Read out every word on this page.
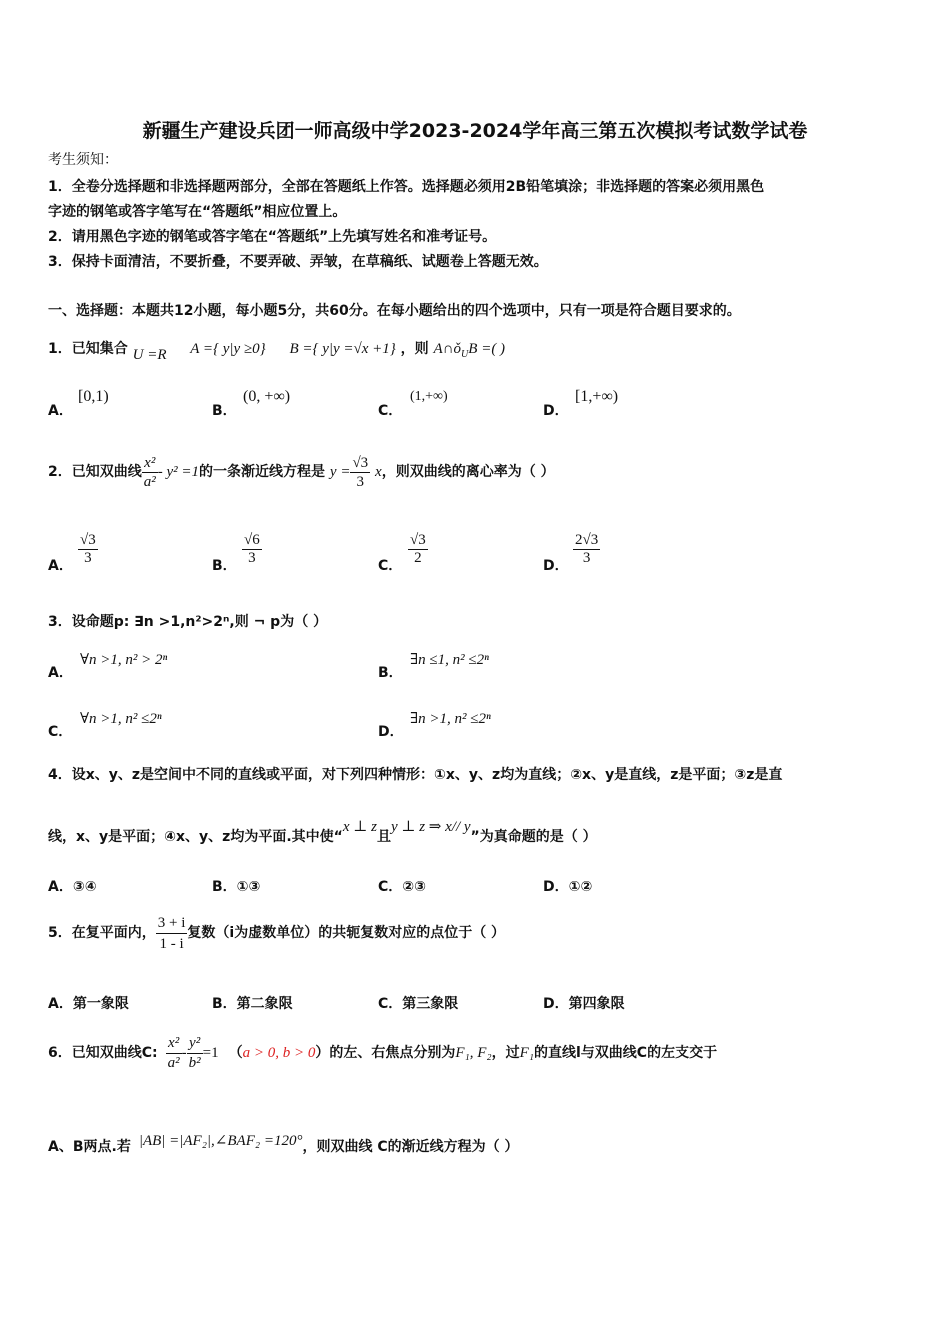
新疆生产建设兵团一师高级中学2023-2024学年高三第五次模拟考试数学试卷
考生须知：
1．全卷分选择题和非选择题两部分，全部在答题纸上作答。选择题必须用2B铅笔填涂；非选择题的答案必须用黑色
字迹的钢笔或答字笔写在“答题纸”相应位置上。
2．请用黑色字迹的钢笔或答字笔在“答题纸”上先填写姓名和准考证号。
3．保持卡面清洁，不要折叠，不要弄破、弄皱，在草稿纸、试题卷上答题无效。
一、选择题：本题共12小题，每小题5分，共60分。在每小题给出的四个选项中，只有一项是符合题目要求的。
1．已知集合 U =R A ={ y|y ≥0} B ={ y|y =√x +1} ，则 $A\cap ǒ_UB$ =( )
A．
[0,1)
B．
(0, +∞)
C．
(1,+∞)
D．
[1,+∞)
2．已知双曲线 $\frac{\text{x²}}{\text{a²}} - y^2 =1$的一条渐近线方程是 $y = \frac{√3}{3}$ x，则双曲线的离心率为（ ）
A． $\frac{√3}{3}$	B． $\frac{√6}{3}$	C． $\frac{√3}{2}$	D． $\frac{2√3}{3}$
3．设命题p: ∃n >1,n²>2ⁿ,则 ¬ p为（ ）
A．
∀n >1, n² > 2ⁿ
B．
∃n ≤1, n² ≤2ⁿ
C．
∀n >1, n² ≤2ⁿ
D．
∃n >1, n² ≤2ⁿ
4．设x、y、z是空间中不同的直线或平面，对下列四种情形：①x、y、z均为直线；②x、y是直线，z是平面；③z是直
线，x、y是平面；④x、y、z均为平面.其中使“x ⊥ z且y ⊥ z ⇒ x// y”为真命题的是（ ）
A．③④	B．①③	C．②③	D．①②
5．在复平面内， $\frac{3 + i}{1 - i}$ 复数（i为虚数单位）的共轭复数对应的点位于（ ）
A．第一象限	B．第二象限	C．第三象限	D．第四象限
6．已知双曲线C: $\frac{\text{x²}}{\text{a²}} - \frac{\text{y²}}{\text{b²}} =1$ （a > 0, b > 0）的左、右焦点分别为F₁, F₂，过F₁的直线l与双曲线C的左支交于
A、B两点.若 |AB| =|AF₂|,∠BAF₂ =120°，则双曲线 C的渐近线方程为（ ）
